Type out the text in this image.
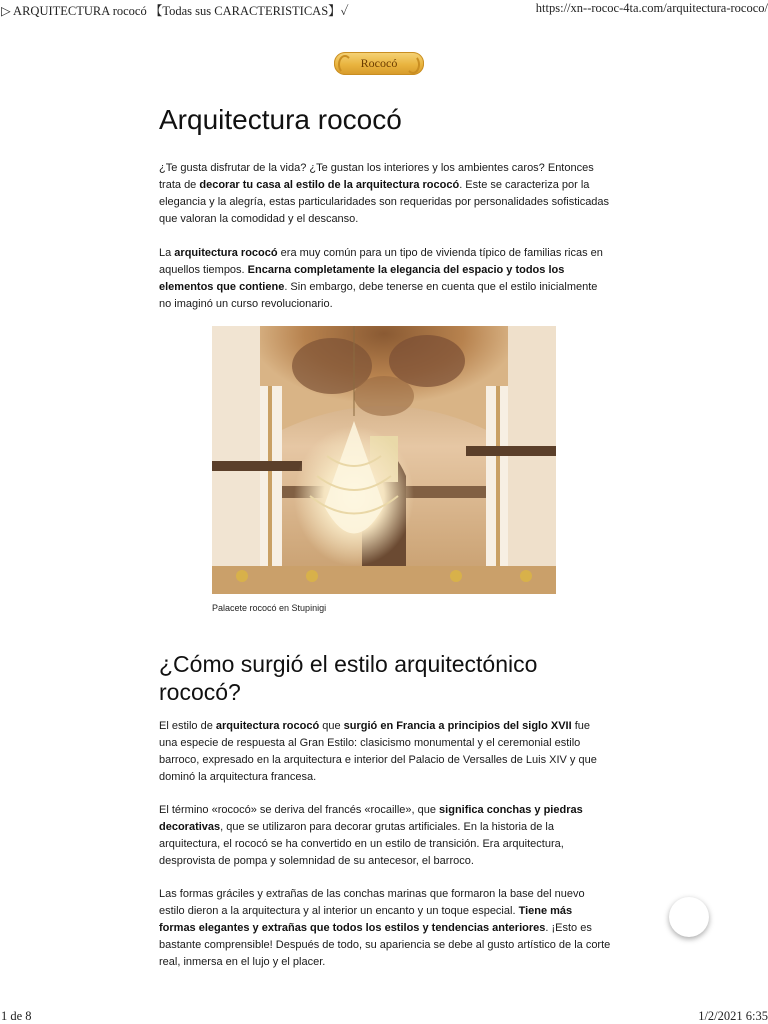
▷ ARQUITECTURA rococó 【Todas sus CARACTERISTICAS】✓	https://xn--rococ-4ta.com/arquitectura-rococo/
Rococó
Arquitectura rococó

¿Te gusta disfrutar de la vida? ¿Te gustan los interiores y los ambientes caros? Entonces trata de decorar tu casa al estilo de la arquitectura rococó. Este se caracteriza por la elegancia y la alegría, estas particularidades son requeridas por personalidades sofisticadas que valoran la comodidad y el descanso.

La arquitectura rococó era muy común para un tipo de vivienda típico de familias ricas en aquellos tiempos. Encarna completamente la elegancia del espacio y todos los elementos que contiene. Sin embargo, debe tenerse en cuenta que el estilo inicialmente no imaginó un curso revolucionario.

Palacete rococó en Stupinigi
¿Cómo surgió el estilo arquitectónico rococó?

El estilo de arquitectura rococó que surgió en Francia a principios del siglo XVII fue una especie de respuesta al Gran Estilo: clasicismo monumental y el ceremonial estilo barroco, expresado en la arquitectura e interior del Palacio de Versalles de Luis XIV y que dominó la arquitectura francesa.

El término «rococó» se deriva del francés «rocaille», que significa conchas y piedras decorativas, que se utilizaron para decorar grutas artificiales. En la historia de la arquitectura, el rococó se ha convertido en un estilo de transición. Era arquitectura, desprovista de pompa y solemnidad de su antecesor, el barroco.

Las formas gráciles y extrañas de las conchas marinas que formaron la base del nuevo estilo dieron a la arquitectura y al interior un encanto y un toque especial. Tiene más formas elegantes y extrañas que todos los estilos y tendencias anteriores. ¡Esto es bastante comprensible! Después de todo, su apariencia se debe al gusto artístico de la corte real, inmersa en el lujo y el placer.

1 de 8	1/2/2021 6:35
